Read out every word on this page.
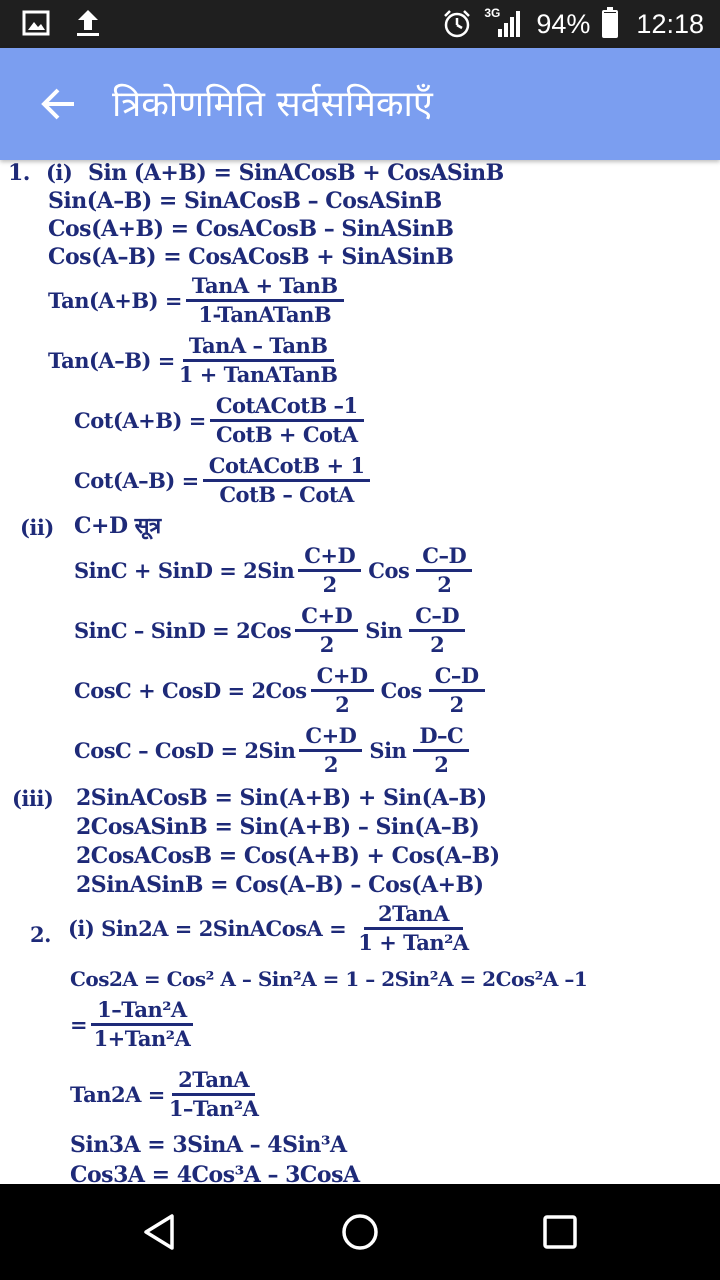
3G 94% 12:18
त्रिकोणमिति सर्वसमिकाएँ
1. (i) Sin (A+B) = SinACosB + CosASinB
Sin(A–B) = SinACosB – CosASinB
Cos(A+B) = CosACosB – SinASinB
Cos(A–B) = CosACosB + SinASinB
$Tan(A+B) = \frac{\text{TanA + TanB}}{\text{1-TanATanB}}$
$Tan(A-B) = \frac{\text{TanA – TanB}}{\text{1 + TanATanB}}$
$Cot(A+B) = \frac{\text{CotACotB –1}}{\text{CotB + CotA}}$
$Cot(A-B) = \frac{\text{CotACotB + 1}}{\text{CotB – CotA}}$
(ii) C+D सूत्र
SinC + SinD = $2Sin \frac{C+D}{2}$ Cos $\frac{C-D}{2}$
SinC – SinD = $2Cos \frac{C+D}{2}$ Sin $\frac{C-D}{2}$
CosC + CosD = $2Cos \frac{C+D}{2}$ Cos $\frac{C-D}{2}$
CosC – CosD = $2Sin \frac{C+D}{2}$ Sin $\frac{D-C}{2}$
(iii) 2SinACosB = Sin(A+B) + Sin(A–B)
2CosASinB = Sin(A+B) – Sin(A–B)
2CosACosB = Cos(A+B) + Cos(A–B)
2SinASinB = Cos(A–B) – Cos(A+B)
2. (i) Sin2A = 2SinACosA = $\frac{\text{2TanA}}{\text{1 + Tan²A}}$
Cos2A = Cos² A – Sin²A = 1 – 2Sin²A = 2Cos²A –1
= $\frac{\text{1–Tan²A}}{\text{1+Tan²A}}$
$Tan2A = \frac{\text{2TanA}}{\text{1–Tan²A}}$
Sin3A = 3SinA – 4Sin³A
Cos3A = 4Cos³A – 3CosA
